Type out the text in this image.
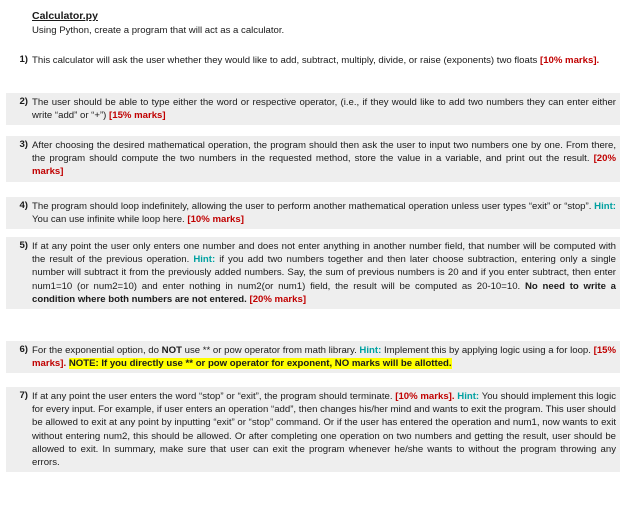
Calculator.py
Using Python, create a program that will act as a calculator.
1) This calculator will ask the user whether they would like to add, subtract, multiply, divide, or raise (exponents) two floats [10% marks].
2) The user should be able to type either the word or respective operator, (i.e., if they would like to add two numbers they can enter either write “add” or “+”) [15% marks]
3) After choosing the desired mathematical operation, the program should then ask the user to input two numbers one by one. From there, the program should compute the two numbers in the requested method, store the value in a variable, and print out the result. [20% marks]
4) The program should loop indefinitely, allowing the user to perform another mathematical operation unless user types “exit” or “stop”. Hint: You can use infinite while loop here. [10% marks]
5) If at any point the user only enters one number and does not enter anything in another number field, that number will be computed with the result of the previous operation. Hint: if you add two numbers together and then later choose subtraction, entering only a single number will subtract it from the previously added numbers. Say, the sum of previous numbers is 20 and if you enter subtract, then enter num1=10 (or num2=10) and enter nothing in num2(or num1) field, the result will be computed as 20-10=10. No need to write a condition where both numbers are not entered. [20% marks]
6) For the exponential option, do NOT use ** or pow operator from math library. Hint: Implement this by applying logic using a for loop. [15% marks]. NOTE: If you directly use ** or pow operator for exponent, NO marks will be allotted.
7) If at any point the user enters the word “stop” or “exit”, the program should terminate. [10% marks]. Hint: You should implement this logic for every input. For example, if user enters an operation “add”, then changes his/her mind and wants to exit the program. This user should be allowed to exit at any point by inputting “exit” or “stop” command. Or if the user has entered the operation and num1, now wants to exit without entering num2, this should be allowed. Or after completing one operation on two numbers and getting the result, user should be allowed to exit. In summary, make sure that user can exit the program whenever he/she wants to without the program throwing any errors.
